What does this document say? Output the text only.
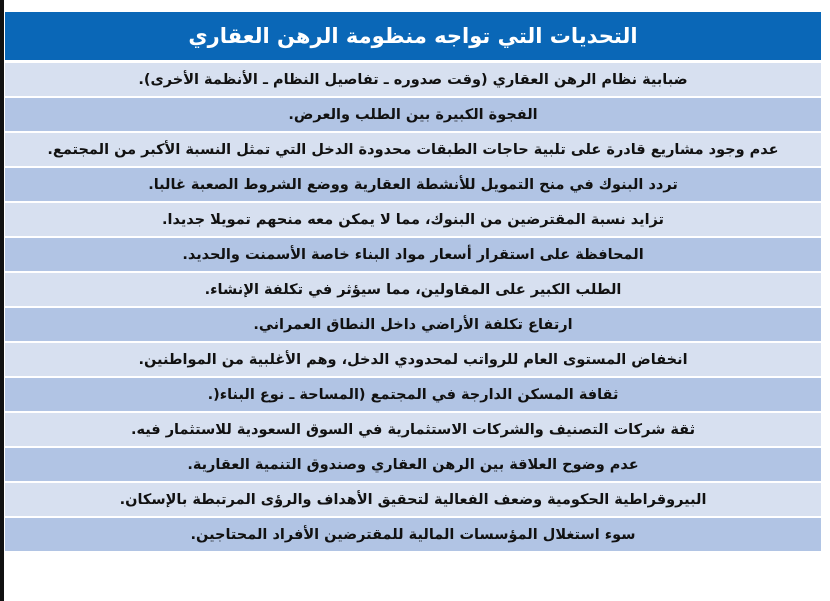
التحديات التي تواجه منظومة الرهن العقاري
ضبابية نظام الرهن العقاري (وقت صدوره ـ تفاصيل النظام ـ الأنظمة الأخرى).
الفجوة الكبيرة بين الطلب والعرض.
عدم وجود مشاريع قادرة على تلبية حاجات الطبقات محدودة الدخل التي تمثل النسبة الأكبر من المجتمع.
تردد البنوك في منح التمويل للأنشطة العقارية ووضع الشروط الصعبة غالبا.
تزايد نسبة المقترضين من البنوك، مما لا يمكن معه منحهم تمويلا جديدا.
المحافظة على استقرار أسعار مواد البناء خاصة الأسمنت والحديد.
الطلب الكبير على المقاولين، مما سيؤثر في تكلفة الإنشاء.
ارتفاع تكلفة الأراضي داخل النطاق العمراني.
انخفاض المستوى العام للرواتب لمحدودي الدخل، وهم الأغلبية من المواطنين.
ثقافة المسكن الدارجة في المجتمع (المساحة ـ نوع البناء(.
ثقة شركات التصنيف والشركات الاستثمارية في السوق السعودية للاستثمار فيه.
عدم وضوح العلاقة بين الرهن العقاري وصندوق التنمية العقارية.
البيروقراطية الحكومية وضعف الفعالية لتحقيق الأهداف والرؤى المرتبطة بالإسكان.
سوء استغلال المؤسسات المالية للمقترضين الأفراد المحتاجين.
